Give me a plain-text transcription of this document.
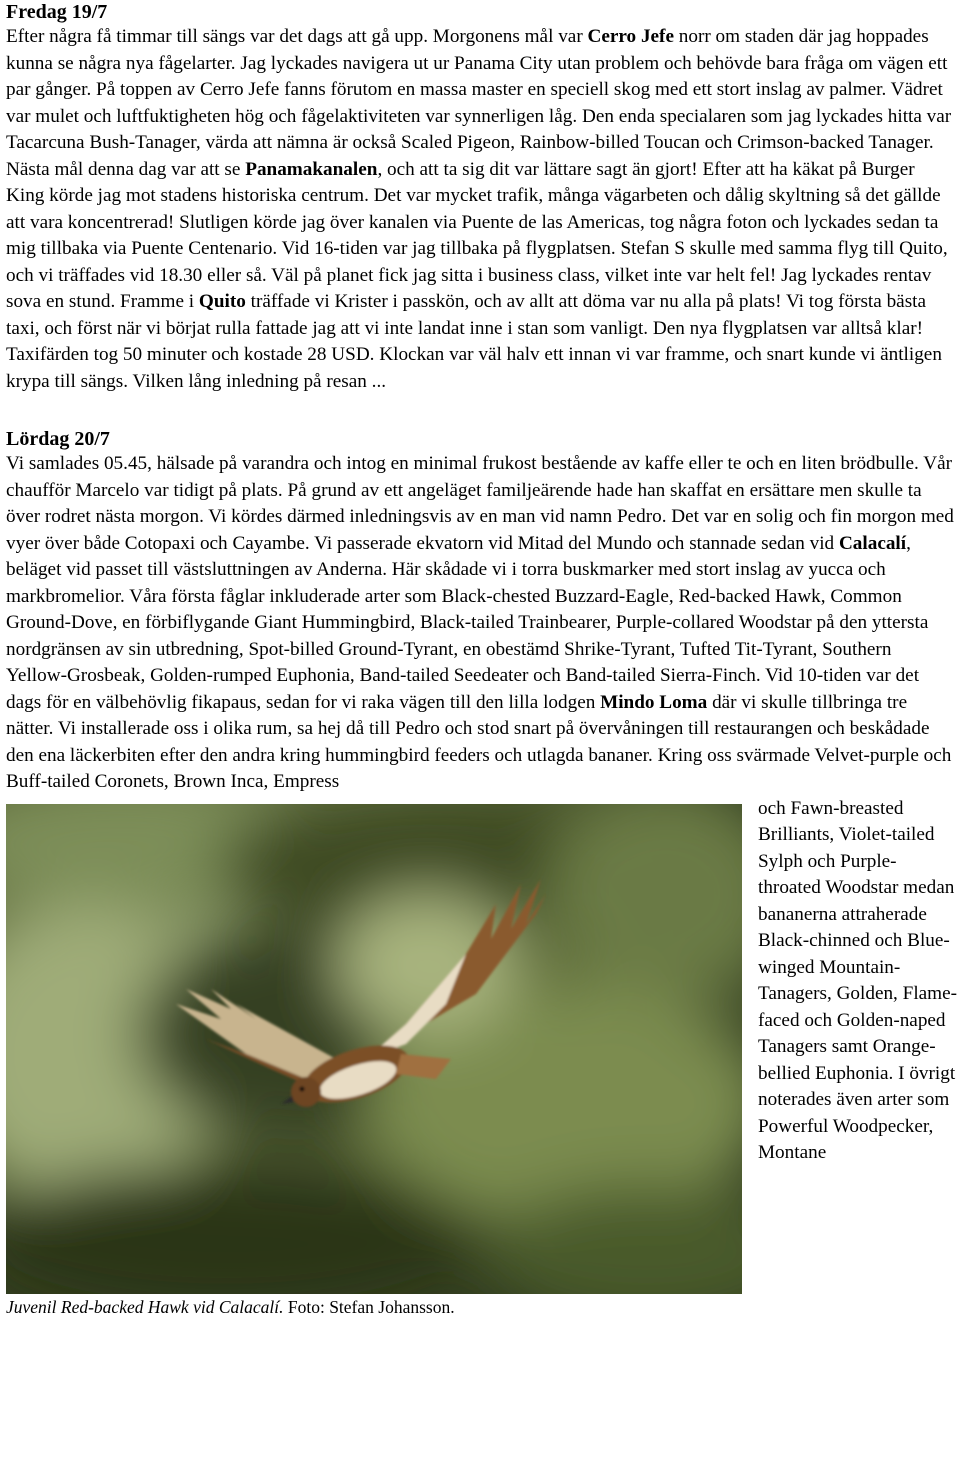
Fredag 19/7

Efter några få timmar till sängs var det dags att gå upp. Morgonens mål var Cerro Jefe norr om staden där jag hoppades kunna se några nya fågelarter. Jag lyckades navigera ut ur Panama City utan problem och behövde bara fråga om vägen ett par gånger. På toppen av Cerro Jefe fanns förutom en massa master en speciell skog med ett stort inslag av palmer. Vädret var mulet och luftfuktigheten hög och fågelaktiviteten var synnerligen låg. Den enda specialaren som jag lyckades hitta var Tacarcuna Bush-Tanager, värda att nämna är också Scaled Pigeon, Rainbow-billed Toucan och Crimson-backed Tanager. Nästa mål denna dag var att se Panamakanalen, och att ta sig dit var lättare sagt än gjort! Efter att ha käkat på Burger King körde jag mot stadens historiska centrum. Det var mycket trafik, många vägarbeten och dålig skyltning så det gällde att vara koncentrerad! Slutligen körde jag över kanalen via Puente de las Americas, tog några foton och lyckades sedan ta mig tillbaka via Puente Centenario. Vid 16-tiden var jag tillbaka på flygplatsen. Stefan S skulle med samma flyg till Quito, och vi träffades vid 18.30 eller så. Väl på planet fick jag sitta i business class, vilket inte var helt fel! Jag lyckades rentav sova en stund. Framme i Quito träffade vi Krister i passkön, och av allt att döma var nu alla på plats! Vi tog första bästa taxi, och först när vi börjat rulla fattade jag att vi inte landat inne i stan som vanligt. Den nya flygplatsen var alltså klar! Taxifärden tog 50 minuter och kostade 28 USD. Klockan var väl halv ett innan vi var framme, och snart kunde vi äntligen krypa till sängs. Vilken lång inledning på resan ...

Lördag 20/7

Vi samlades 05.45, hälsade på varandra och intog en minimal frukost bestående av kaffe eller te och en liten brödbulle. Vår chaufför Marcelo var tidigt på plats. På grund av ett angeläget familjeärende hade han skaffat en ersättare men skulle ta över rodret nästa morgon. Vi kördes därmed inledningsvis av en man vid namn Pedro. Det var en solig och fin morgon med vyer över både Cotopaxi och Cayambe. Vi passerade ekvatorn vid Mitad del Mundo och stannade sedan vid Calacalí, beläget vid passet till västsluttningen av Anderna. Här skådade vi i torra buskmarker med stort inslag av yucca och markbromelior. Våra första fåglar inkluderade arter som Black-chested Buzzard-Eagle, Red-backed Hawk, Common Ground-Dove, en förbiflygande Giant Hummingbird, Black-tailed Trainbearer, Purple-collared Woodstar på den yttersta nordgränsen av sin utbredning, Spot-billed Ground-Tyrant, en obestämd Shrike-Tyrant, Tufted Tit-Tyrant, Southern Yellow-Grosbeak, Golden-rumped Euphonia, Band-tailed Seedeater och Band-tailed Sierra-Finch. Vid 10-tiden var det dags för en välbehövlig fikapaus, sedan for vi raka vägen till den lilla lodgen Mindo Loma där vi skulle tillbringa tre nätter. Vi installerade oss i olika rum, sa hej då till Pedro och stod snart på övervåningen till restaurangen och beskådade den ena läckerbiten efter den andra kring hummingbird feeders och utlagda bananer. Kring oss svärmade Velvet-purple och Buff-tailed Coronets, Brown Inca, Empress

och Fawn-breasted Brilliants, Violet-tailed Sylph och Purple-throated Woodstar medan bananerna attraherade Black-chinned och Blue-winged Mountain-Tanagers, Golden, Flame-faced och Golden-naped Tanagers samt Orange-bellied Euphonia. I övrigt noterades även arter som Powerful Woodpecker, Montane
Juvenil Red-backed Hawk vid Calacalí. Foto: Stefan Johansson.
